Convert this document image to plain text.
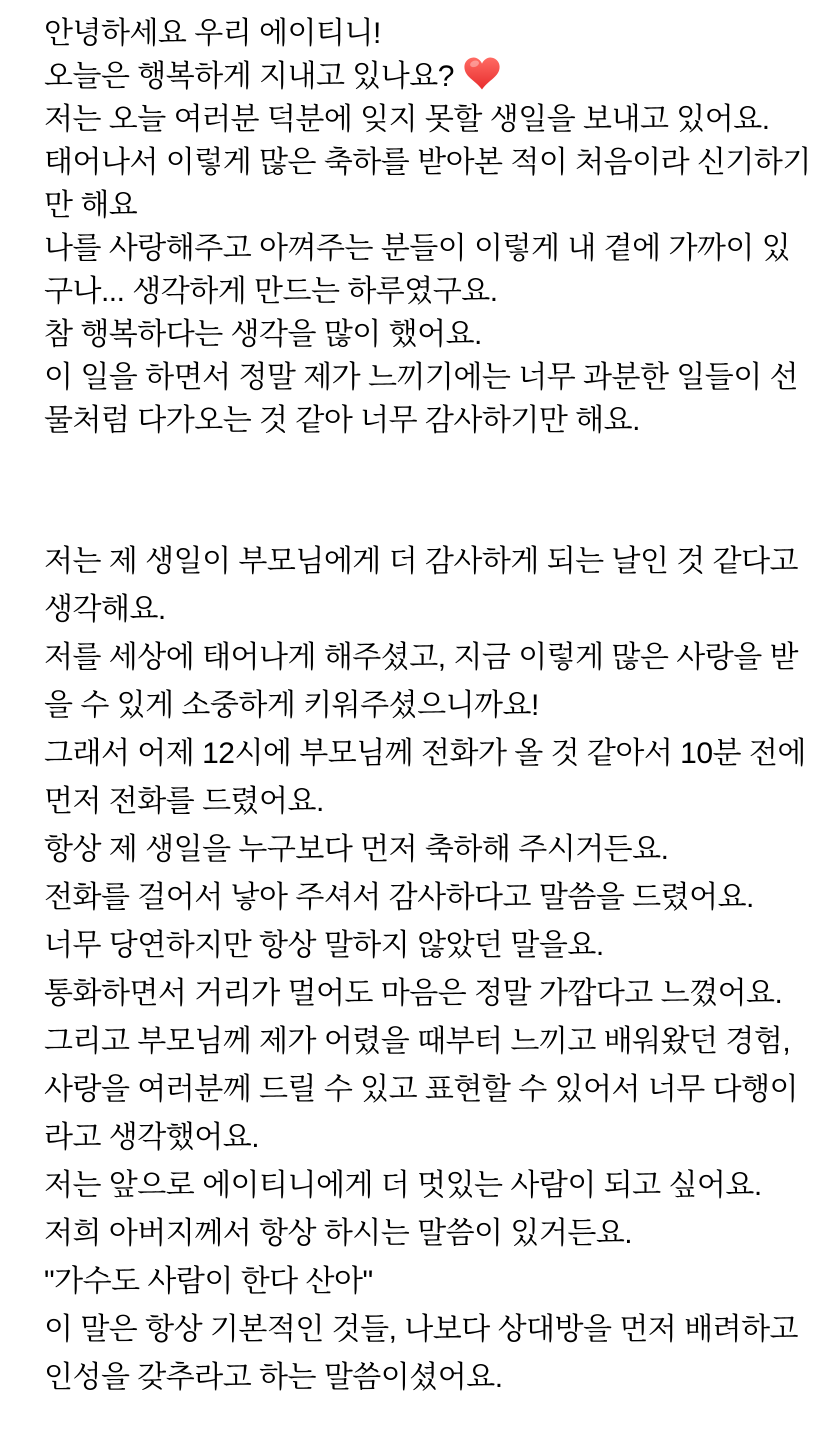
안녕하세요 우리 에이티니!
오늘은 행복하게 지내고 있나요?
저는 오늘 여러분 덕분에 잊지 못할 생일을 보내고 있어요.
태어나서 이렇게 많은 축하를 받아본 적이 처음이라 신기하기
만 해요
나를 사랑해주고 아껴주는 분들이 이렇게 내 곁에 가까이 있
구나... 생각하게 만드는 하루였구요.
참 행복하다는 생각을 많이 했어요.
이 일을 하면서 정말 제가 느끼기에는 너무 과분한 일들이 선
물처럼 다가오는 것 같아 너무 감사하기만 해요.
저는 제 생일이 부모님에게 더 감사하게 되는 날인 것 같다고
생각해요.
저를 세상에 태어나게 해주셨고, 지금 이렇게 많은 사랑을 받
을 수 있게 소중하게 키워주셨으니까요!
그래서 어제 12시에 부모님께 전화가 올 것 같아서 10분 전에
먼저 전화를 드렸어요.
항상 제 생일을 누구보다 먼저 축하해 주시거든요.
전화를 걸어서 낳아 주셔서 감사하다고 말씀을 드렸어요.
너무 당연하지만 항상 말하지 않았던 말을요.
통화하면서 거리가 멀어도 마음은 정말 가깝다고 느꼈어요.
그리고 부모님께 제가 어렸을 때부터 느끼고 배워왔던 경험,
사랑을 여러분께 드릴 수 있고 표현할 수 있어서 너무 다행이
라고 생각했어요.
저는 앞으로 에이티니에게 더 멋있는 사람이 되고 싶어요.
저희 아버지께서 항상 하시는 말씀이 있거든요.
"가수도 사람이 한다 산아"
이 말은 항상 기본적인 것들, 나보다 상대방을 먼저 배려하고
인성을 갖추라고 하는 말씀이셨어요.
